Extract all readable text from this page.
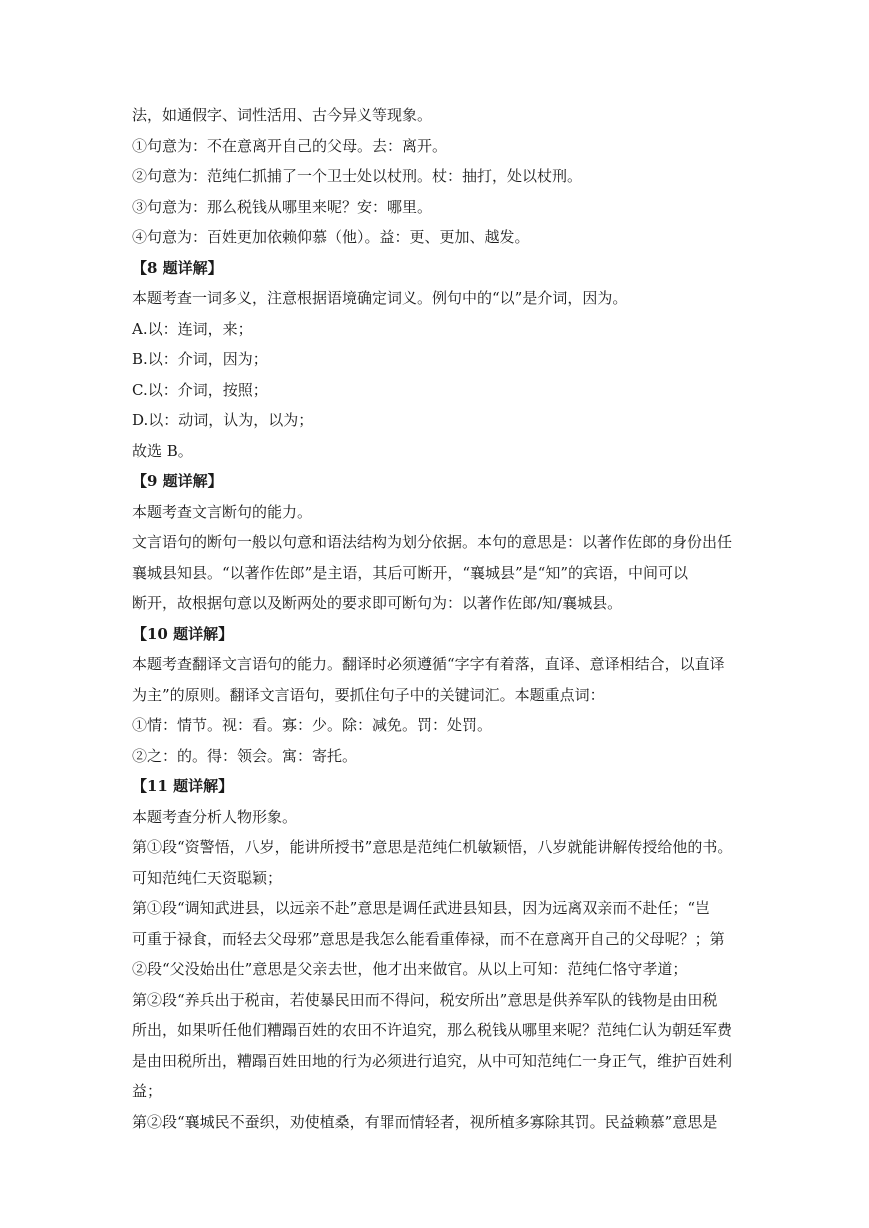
法，如通假字、词性活用、古今异义等现象。
①句意为：不在意离开自己的父母。去：离开。
②句意为：范纯仁抓捕了一个卫士处以杖刑。杖：抽打，处以杖刑。
③句意为：那么税钱从哪里来呢？安：哪里。
④句意为：百姓更加依赖仰慕（他）。益：更、更加、越发。
【8 题详解】
本题考查一词多义，注意根据语境确定词义。例句中的“以”是介词，因为。
A.以：连词，来；
B.以：介词，因为；
C.以：介词，按照；
D.以：动词，认为，以为；
故选 B。
【9 题详解】
本题考查文言断句的能力。
文言语句的断句一般以句意和语法结构为划分依据。本句的意思是：以著作佐郎的身份出任
襄城县知县。“以著作佐郎”是主语，其后可断开，“襄城县”是“知”的宾语，中间可以
断开，故根据句意以及断两处的要求即可断句为：以著作佐郎/知/襄城县。
【10 题详解】
本题考查翻译文言语句的能力。翻译时必须遵循“字字有着落，直译、意译相结合，以直译
为主”的原则。翻译文言语句，要抓住句子中的关键词汇。本题重点词：
①情：情节。视：看。寡：少。除：减免。罚：处罚。
②之：的。得：领会。寓：寄托。
【11 题详解】
本题考查分析人物形象。
第①段“资警悟，八岁，能讲所授书”意思是范纯仁机敏颖悟，八岁就能讲解传授给他的书。
可知范纯仁天资聪颖；
第①段“调知武进县，以远亲不赴”意思是调任武进县知县，因为远离双亲而不赴任；“岂
可重于禄食，而轻去父母邪”意思是我怎么能看重俸禄，而不在意离开自己的父母呢？；第
②段“父没始出仕”意思是父亲去世，他才出来做官。从以上可知：范纯仁恪守孝道；
第②段“养兵出于税亩，若使暴民田而不得问，税安所出”意思是供养军队的钱物是由田税
所出，如果听任他们糟蹋百姓的农田不许追究，那么税钱从哪里来呢？范纯仁认为朝廷军费
是由田税所出，糟蹋百姓田地的行为必须进行追究，从中可知范纯仁一身正气，维护百姓利
益；
第②段“襄城民不蚕织，劝使植桑，有罪而情轻者，视所植多寡除其罚。民益赖慕”意思是
